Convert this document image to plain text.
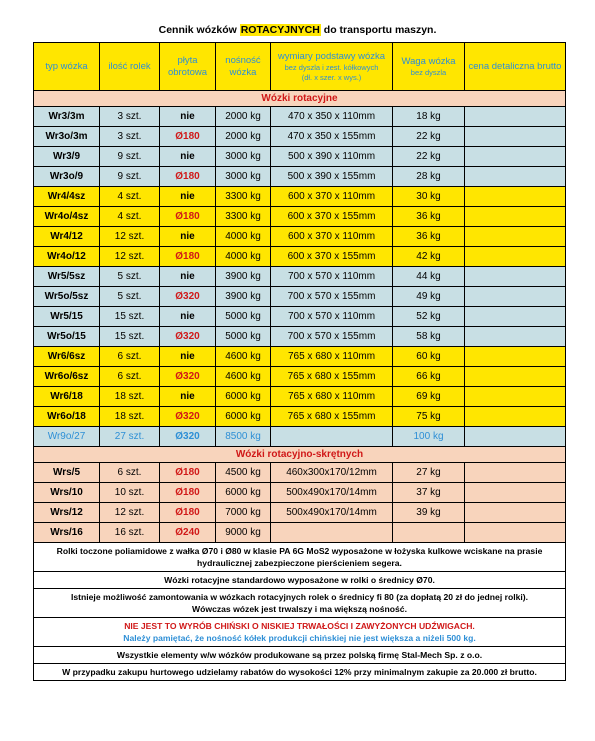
Cennik wózków ROTACYJNYCH do transportu maszyn.
typ wózka	ilość rolek	płyta obrotowa	nośność wózka	wymiary podstawy wózka
bez dyszla i zest. kółkowych
(dł. x szer. x wys.)	Waga wózka
bez dyszla	cena detaliczna brutto
Wózki rotacyjne						
Wr3/3m	3 szt.	nie	2000 kg	470 x 350 x 110mm	18 kg	
Wr3o/3m	3 szt.	Ø180	2000 kg	470 x 350 x 155mm	22 kg	
Wr3/9	9 szt.	nie	3000 kg	500 x 390 x 110mm	22 kg	
Wr3o/9	9 szt.	Ø180	3000 kg	500 x 390 x 155mm	28 kg	
Wr4/4sz	4 szt.	nie	3300 kg	600 x 370 x 110mm	30 kg	
Wr4o/4sz	4 szt.	Ø180	3300 kg	600 x 370 x 155mm	36 kg	
Wr4/12	12 szt.	nie	4000 kg	600 x 370 x 110mm	36 kg	
Wr4o/12	12 szt.	Ø180	4000 kg	600 x 370 x 155mm	42 kg	
Wr5/5sz	5 szt.	nie	3900 kg	700 x 570 x 110mm	44 kg	
Wr5o/5sz	5 szt.	Ø320	3900 kg	700 x 570 x 155mm	49 kg	
Wr5/15	15 szt.	nie	5000 kg	700 x 570 x 110mm	52 kg	
Wr5o/15	15 szt.	Ø320	5000 kg	700 x 570 x 155mm	58 kg	
Wr6/6sz	6 szt.	nie	4600 kg	765 x 680 x 110mm	60 kg	
Wr6o/6sz	6 szt.	Ø320	4600 kg	765 x 680 x 155mm	66 kg	
Wr6/18	18 szt.	nie	6000 kg	765 x 680 x 110mm	69 kg	
Wr6o/18	18 szt.	Ø320	6000 kg	765 x 680 x 155mm	75 kg	
Wr9o/27	27 szt.	Ø320	8500 kg		100 kg	
Wózki rotacyjno-skrętnych						
Wrs/5	6 szt.	Ø180	4500 kg	460x300x170/12mm	27 kg	
Wrs/10	10 szt.	Ø180	6000 kg	500x490x170/14mm	37 kg	
Wrs/12	12 szt.	Ø180	7000 kg	500x490x170/14mm	39 kg	
Wrs/16	16 szt.	Ø240	9000 kg			
Rolki toczone poliamidowe z wałka Ø70 i Ø80 w klasie PA 6G MoS2 wyposażone w łożyska kulkowe wciskane na prasie hydraulicznej zabezpieczone pierścieniem segera.						
Wózki rotacyjne standardowo wyposażone w rolki o średnicy Ø70.						

Istnieje możliwość zamontowania w wózkach rotacyjnych rolek o średnicy fi 80 (za dopłatą 20 zł do jednej rolki).
Wówczas wózek jest trwalszy i ma większą nośność.						

NIE JEST TO WYRÓB CHIŃSKI O NISKIEJ TRWAŁOŚCI I ZAWYŻONYCH UDŹWIGACH.
Należy pamiętać, że nośność kółek produkcji chińskiej nie jest większa a niżeli 500 kg.						

Wszystkie elementy w/w wózków produkowane są przez polską firmę Stal-Mech Sp. z o.o.						
W przypadku zakupu hurtowego udzielamy rabatów do wysokości 12% przy minimalnym zakupie za 20.000 zł brutto.						
